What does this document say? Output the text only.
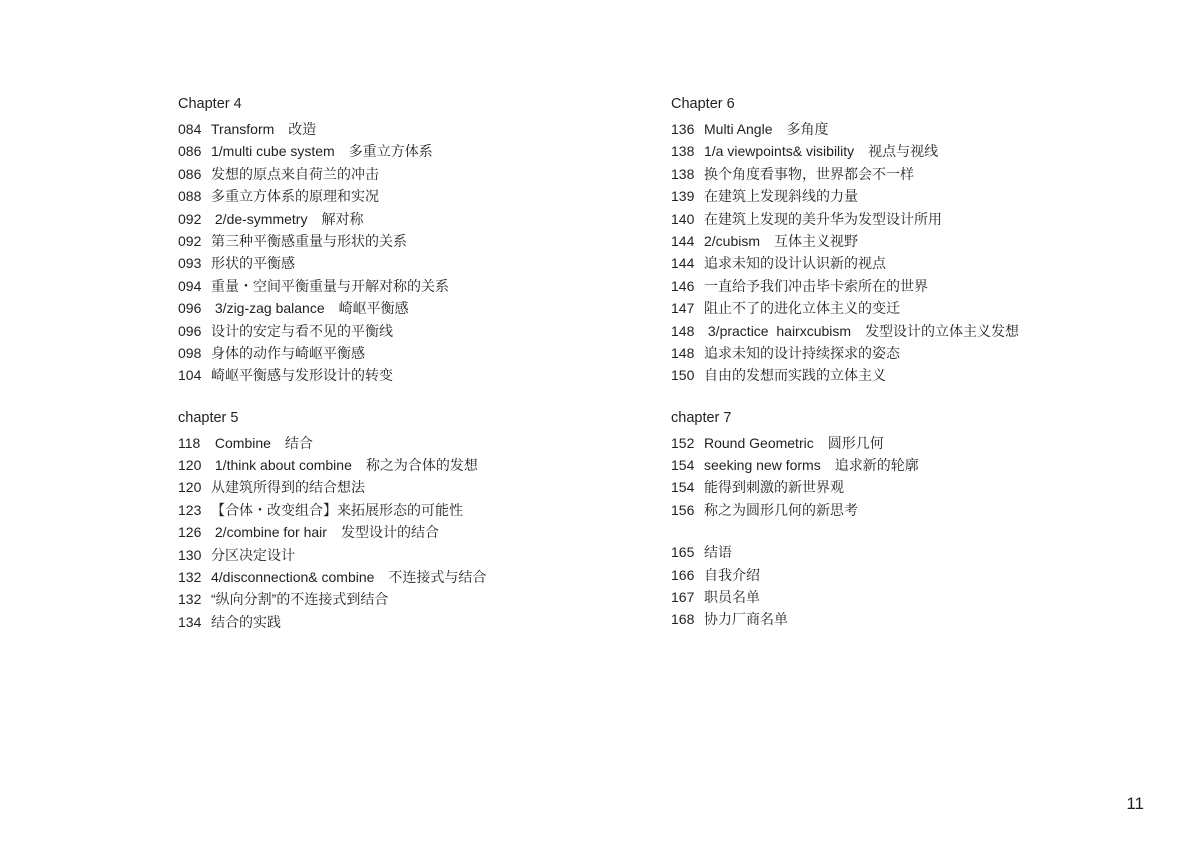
Chapter 4
084 Transform　改造
086 1/multi cube system　多重立方体系
086 发想的原点来自荷兰的冲击
088 多重立方体系的原理和实况
092 2/de-symmetry　解对称
092 第三种平衡感重量与形状的关系
093 形状的平衡感
094 重量・空间平衡重量与开解对称的关系
096 3/zig-zag balance　崎岖平衡感
096 设计的安定与看不见的平衡线
098 身体的动作与崎岖平衡感
104 崎岖平衡感与发形设计的转变
chapter 5
118 Combine　结合
120 1/think about combine　称之为合体的发想
120 从建筑所得到的结合想法
123 【合体・改变组合】来拓展形态的可能性
126 2/combine for hair　发型设计的结合
130 分区决定设计
132 4/disconnection& combine　不连接式与结合
132 “纵向分割”的不连接式到结合
134 结合的实践
Chapter 6
136 Multi Angle　多角度
138 1/a viewpoints& visibility　视点与视线
138 换个角度看事物，世界都会不一样
139 在建筑上发现斜线的力量
140 在建筑上发现的美升华为发型设计所用
144 2/cubism　互体主义视野
144 追求未知的设计认识新的视点
146 一直给予我们冲击毕卡索所在的世界
147 阻止不了的进化立体主义的变迁
148 3/practice  hairxcubism　发型设计的立体主义发想
148 追求未知的设计持续探求的姿态
150 自由的发想而实践的立体主义
chapter 7
152 Round Geometric　圆形几何
154 seeking new forms　追求新的轮廓
154 能得到刺激的新世界观
156 称之为圆形几何的新思考
165 结语
166 自我介绍
167 职员名单
168 协力厂商名单
11
